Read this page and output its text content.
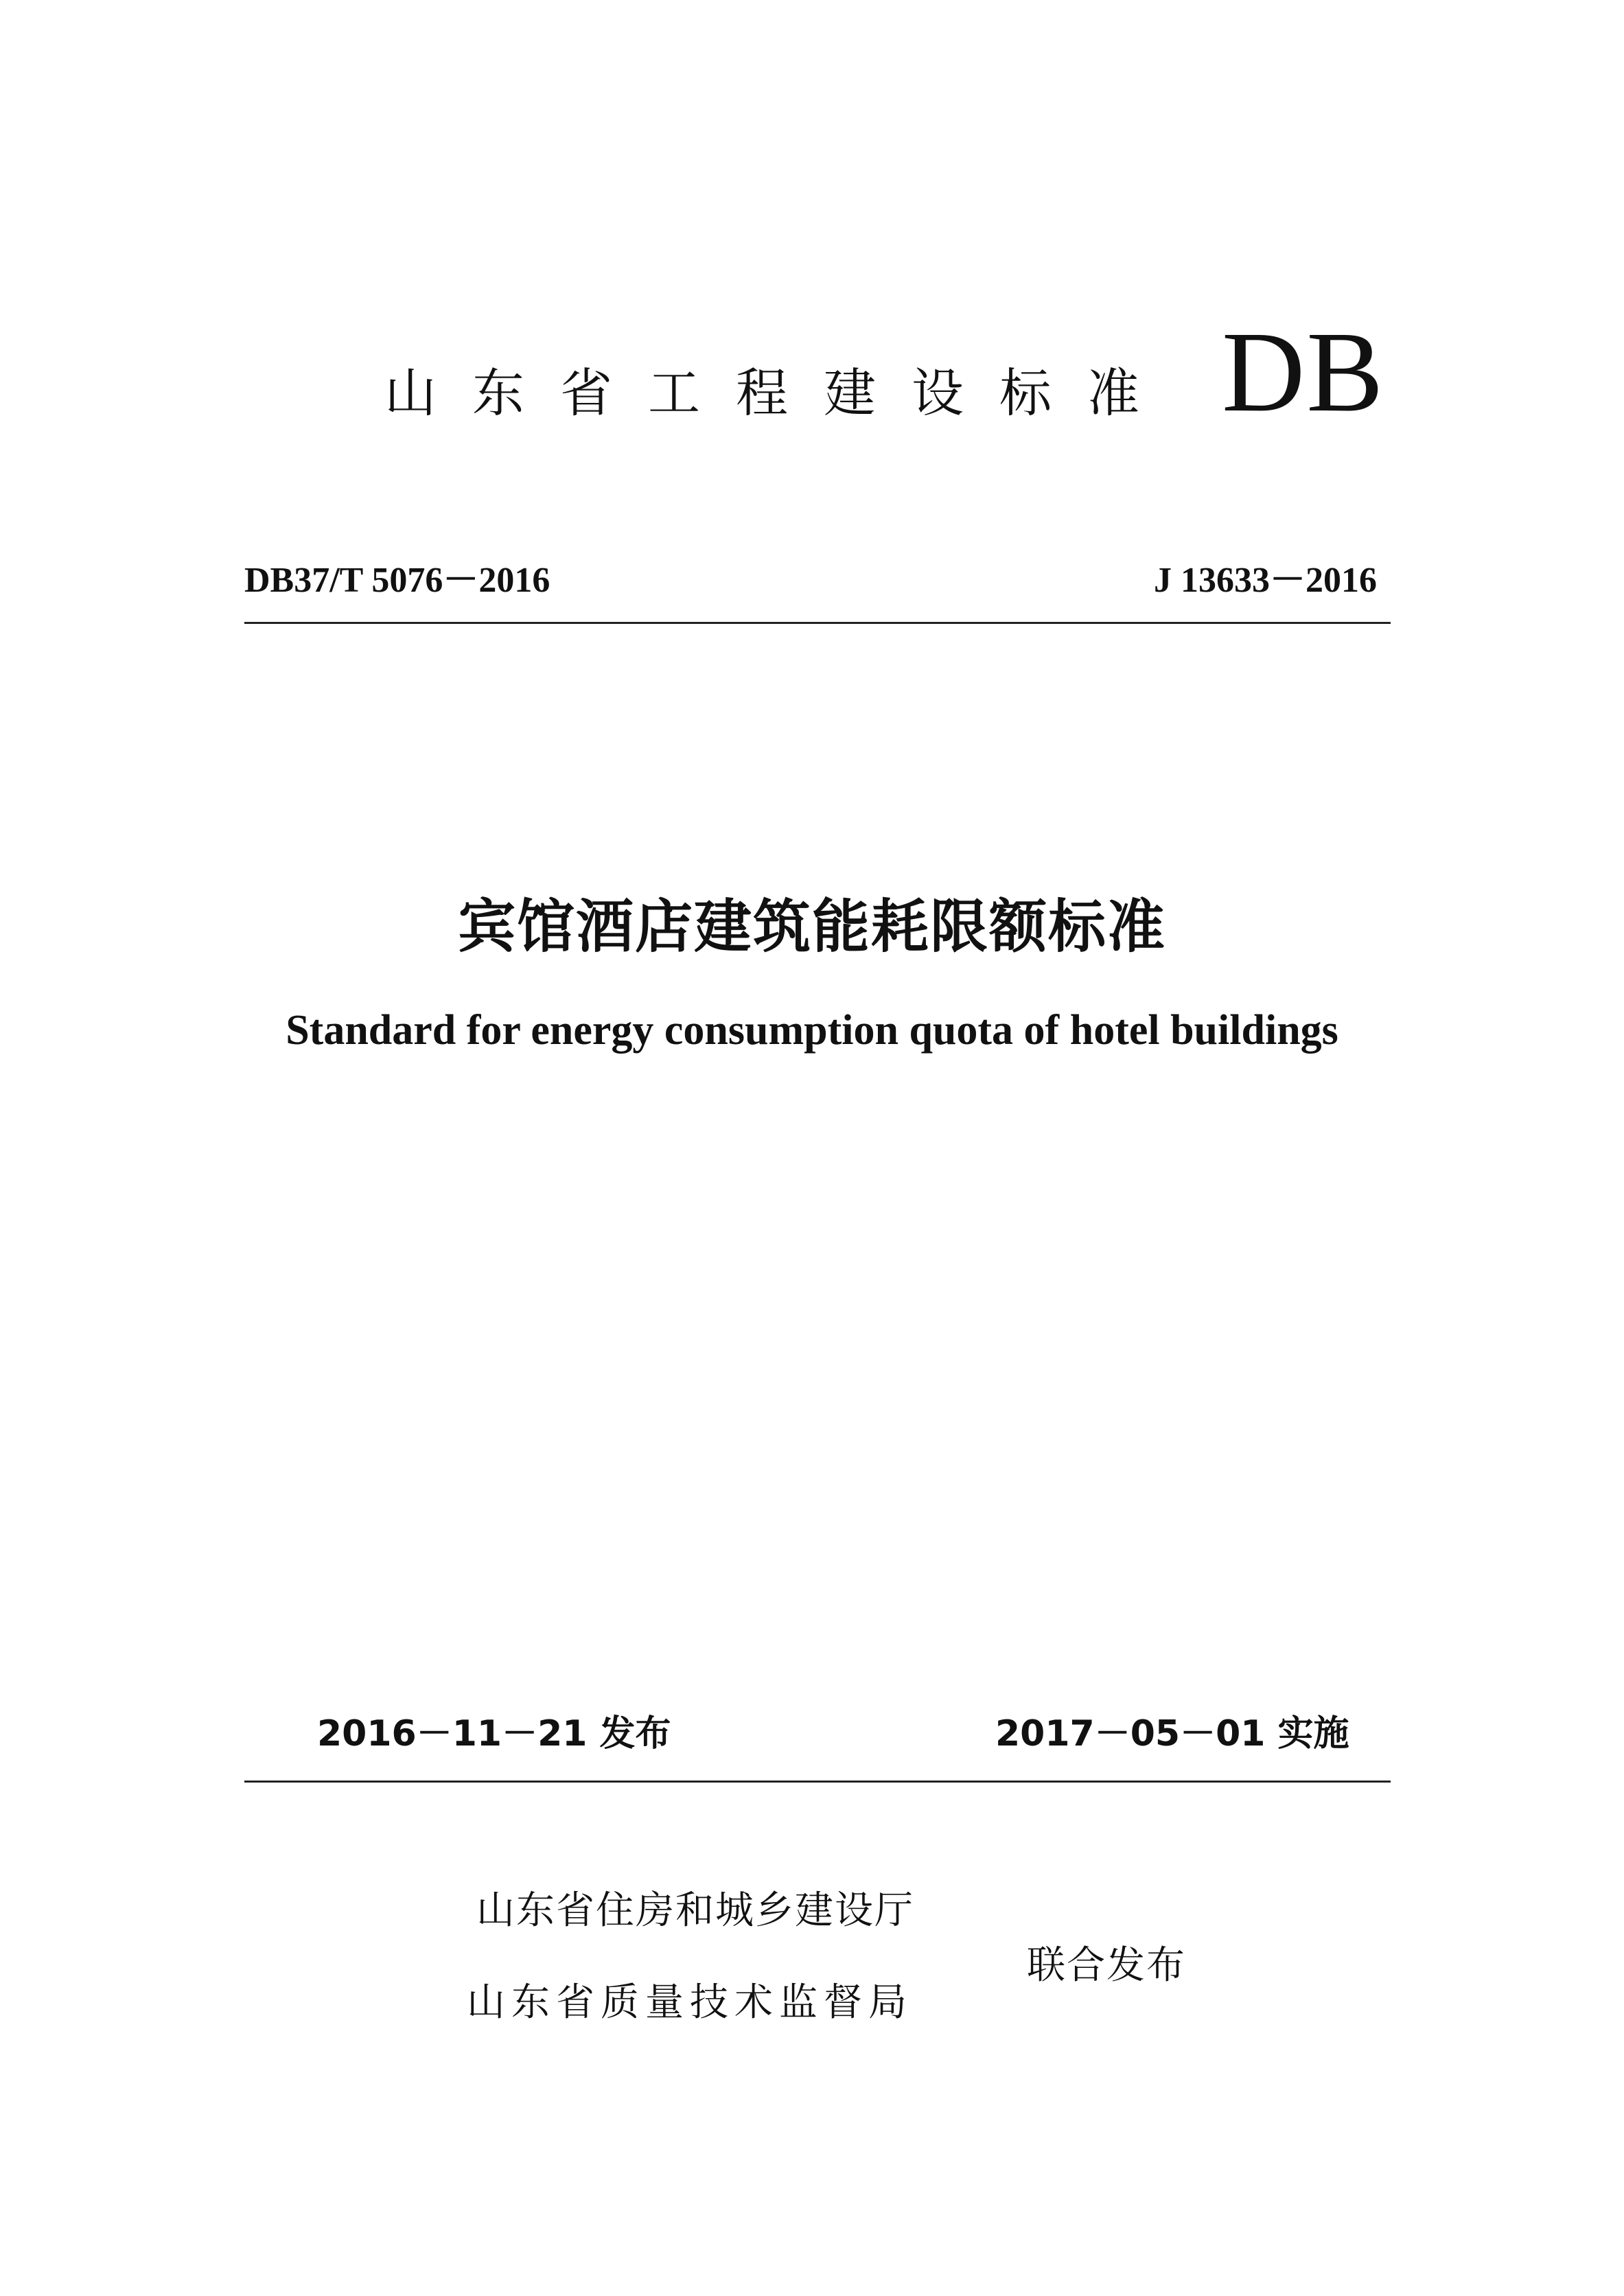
山东省工程建设标准 DB
DB37/T 5076－2016	J 13633－2016
宾馆酒店建筑能耗限额标准
Standard for energy consumption quota of hotel buildings
2016－11－21 发布	2017－05－01 实施
山东省住房和城乡建设厅
山东省质量技术监督局
联合发布
